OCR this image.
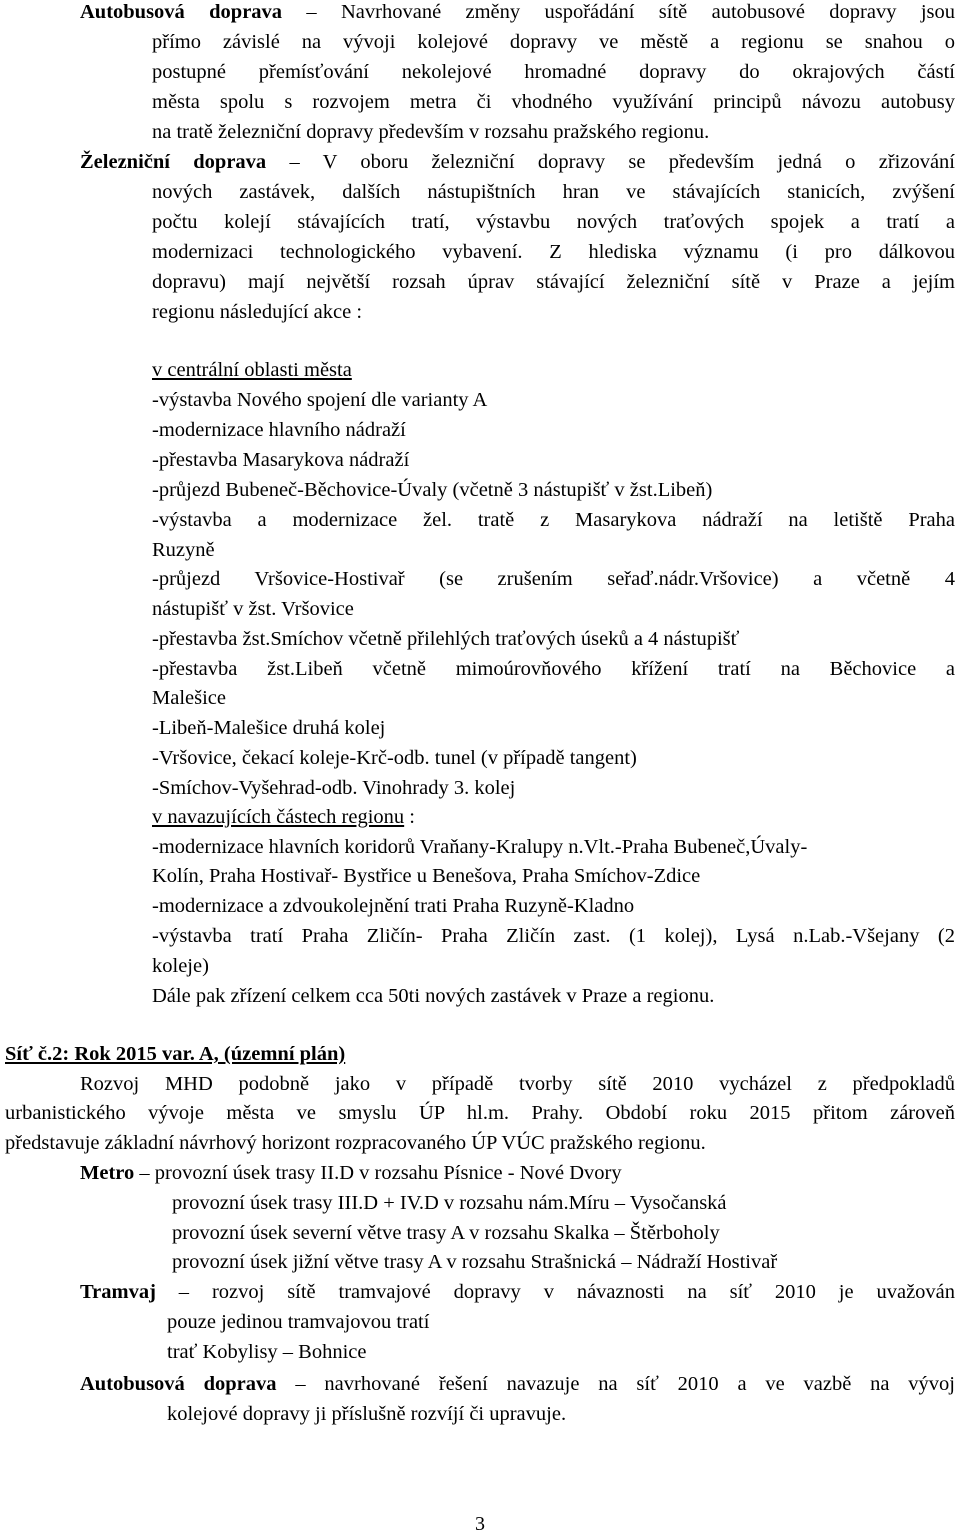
Autobusová doprava – Navrhované změny uspořádání sítě autobusové dopravy jsou
přímo závislé na vývoji kolejové dopravy ve městě a regionu se snahou o
postupné přemísťování nekolejové hromadné dopravy do okrajových částí
města spolu s rozvojem metra či vhodného využívání principů návozu autobusy
na tratě železniční dopravy především v rozsahu pražského regionu.
Železniční doprava – V oboru železniční dopravy se především jedná o zřizování
nových zastávek, dalších nástupištních hran ve stávajících stanicích, zvýšení
počtu kolejí stávajících tratí, výstavbu nových traťových spojek a tratí a
modernizaci technologického vybavení. Z hlediska významu (i pro dálkovou
dopravu) mají největší rozsah úprav stávající železniční sítě v Praze a jejím
regionu následující akce :
v centrální oblasti města
-výstavba Nového spojení dle varianty A
-modernizace hlavního nádraží
-přestavba Masarykova nádraží
-průjezd Bubeneč-Běchovice-Úvaly (včetně 3 nástupišť v žst.Libeň)
-výstavba a modernizace žel. tratě z Masarykova nádraží na letiště Praha
Ruzyně
-průjezd Vršovice-Hostivař (se zrušením seřaď.nádr.Vršovice) a včetně 4
nástupišť v žst. Vršovice
-přestavba žst.Smíchov včetně přilehlých traťových úseků a 4 nástupišť
-přestavba žst.Libeň včetně mimoúrovňového křížení tratí na Běchovice a
Malešice
-Libeň-Malešice druhá kolej
-Vršovice, čekací koleje-Krč-odb. tunel (v případě tangent)
-Smíchov-Vyšehrad-odb. Vinohrady 3. kolej
v navazujících částech regionu :
-modernizace hlavních koridorů Vraňany-Kralupy n.Vlt.-Praha Bubeneč,Úvaly-
Kolín, Praha Hostivař- Bystřice u Benešova, Praha Smíchov-Zdice
-modernizace a zdvoukolejnění trati Praha Ruzyně-Kladno
-výstavba tratí Praha Zličín- Praha Zličín zast. (1 kolej), Lysá n.Lab.-Všejany (2
koleje)
Dále pak zřízení celkem cca 50ti nových zastávek v Praze a regionu.
Síť č.2: Rok 2015 var. A, (územní plán)
Rozvoj MHD podobně jako v případě tvorby sítě 2010 vycházel z předpokladů
urbanistického vývoje města ve smyslu ÚP hl.m. Prahy. Období roku 2015 přitom zároveň
představuje základní návrhový horizont rozpracovaného ÚP VÚC pražského regionu.
Metro – provozní úsek trasy II.D v rozsahu Písnice - Nové Dvory
provozní úsek trasy III.D + IV.D v rozsahu nám.Míru – Vysočanská
provozní úsek severní větve trasy A v rozsahu Skalka – Štěrboholy
provozní úsek jižní větve trasy A v rozsahu Strašnická – Nádraží Hostivař
Tramvaj – rozvoj sítě tramvajové dopravy v návaznosti na síť 2010 je uvažován
pouze jedinou tramvajovou tratí
trať Kobylisy – Bohnice
Autobusová doprava – navrhované řešení navazuje na síť 2010 a ve vazbě na vývoj
kolejové dopravy ji příslušně rozvíjí či upravuje.
3
